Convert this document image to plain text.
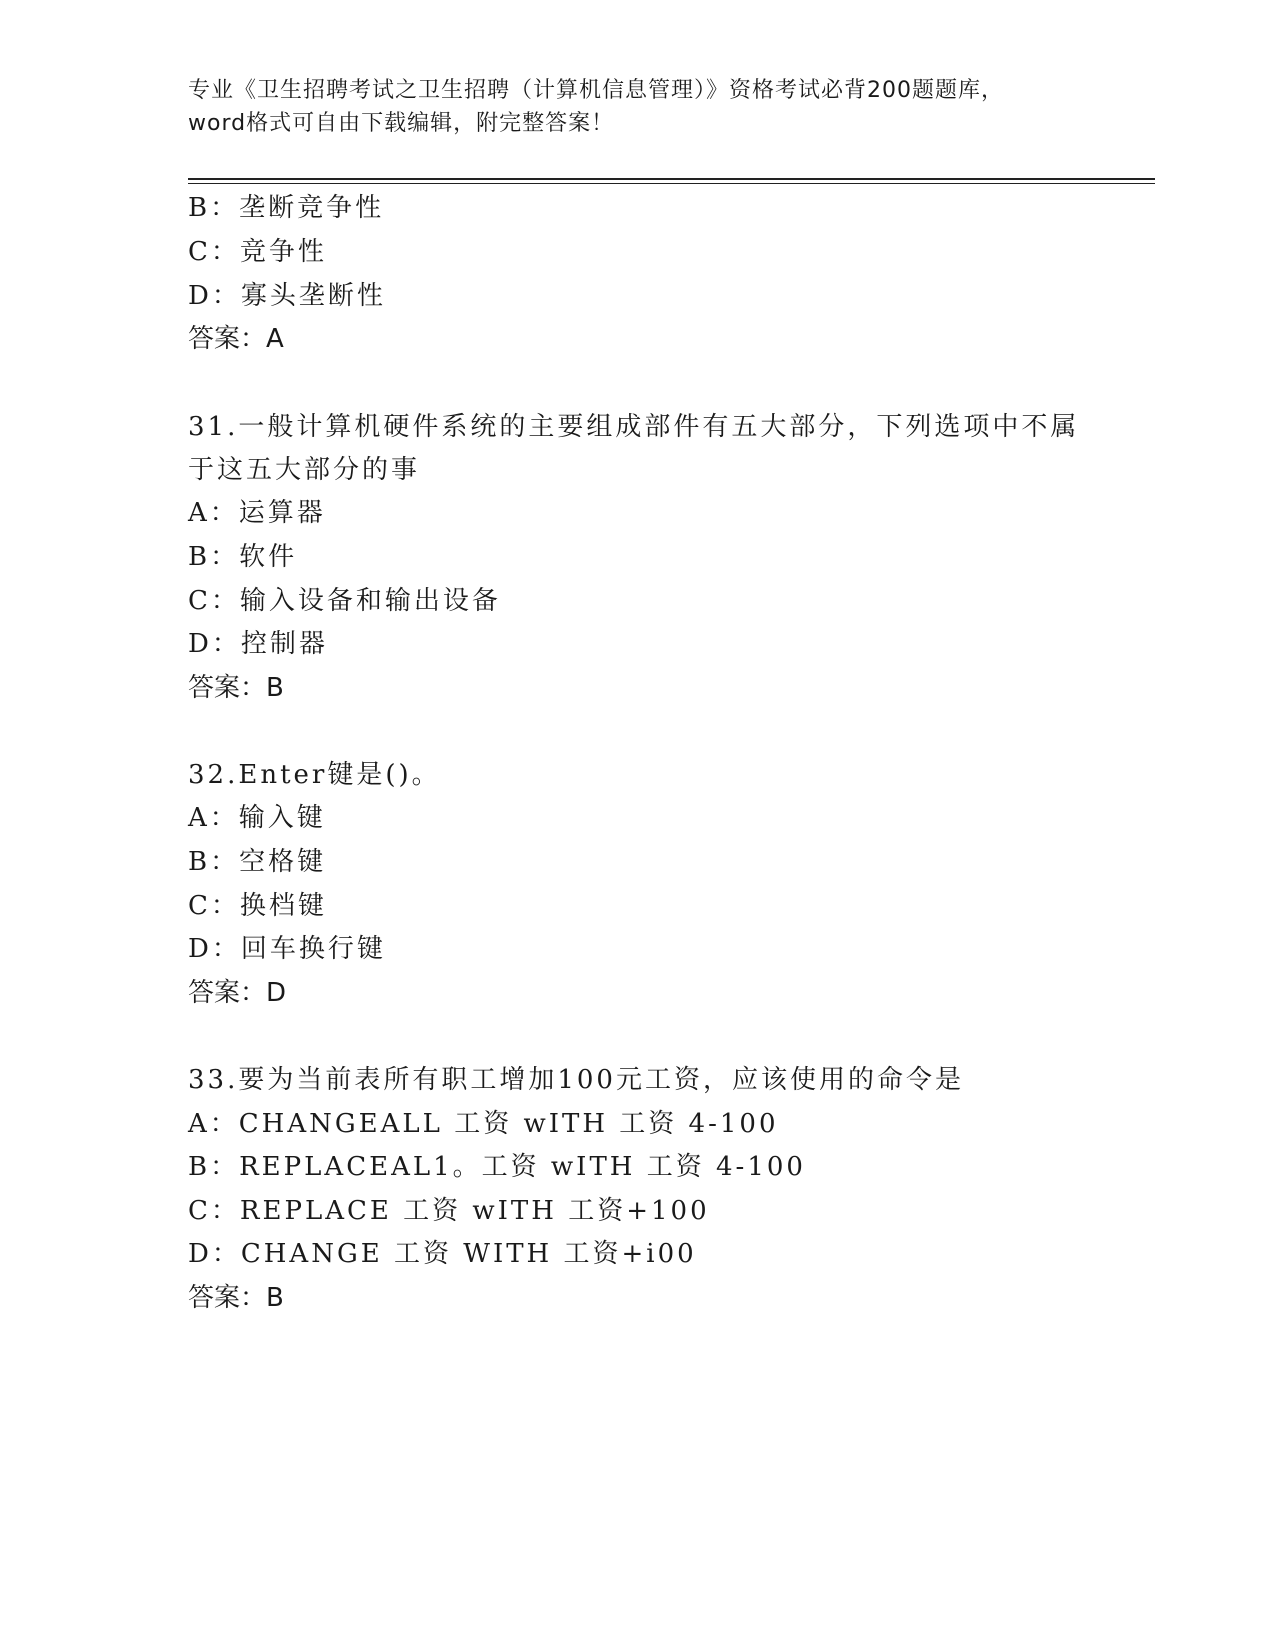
专业《卫生招聘考试之卫生招聘（计算机信息管理）》资格考试必背200题题库，
word格式可自由下载编辑，附完整答案！
B：垄断竞争性
C：竞争性
D：寡头垄断性
答案：A
31.一般计算机硬件系统的主要组成部件有五大部分，下列选项中不属
于这五大部分的事
A：运算器
B：软件
C：输入设备和输出设备
D：控制器
答案：B
32.Enter键是()。
A：输入键
B：空格键
C：换档键
D：回车换行键
答案：D
33.要为当前表所有职工增加100元工资，应该使用的命令是
A：CHANGEALL 工资 wITH 工资 4-100
B：REPLACEAL1。工资 wITH 工资 4-100
C：REPLACE 工资 wITH 工资+100
D：CHANGE 工资 WITH 工资+i00
答案：B
